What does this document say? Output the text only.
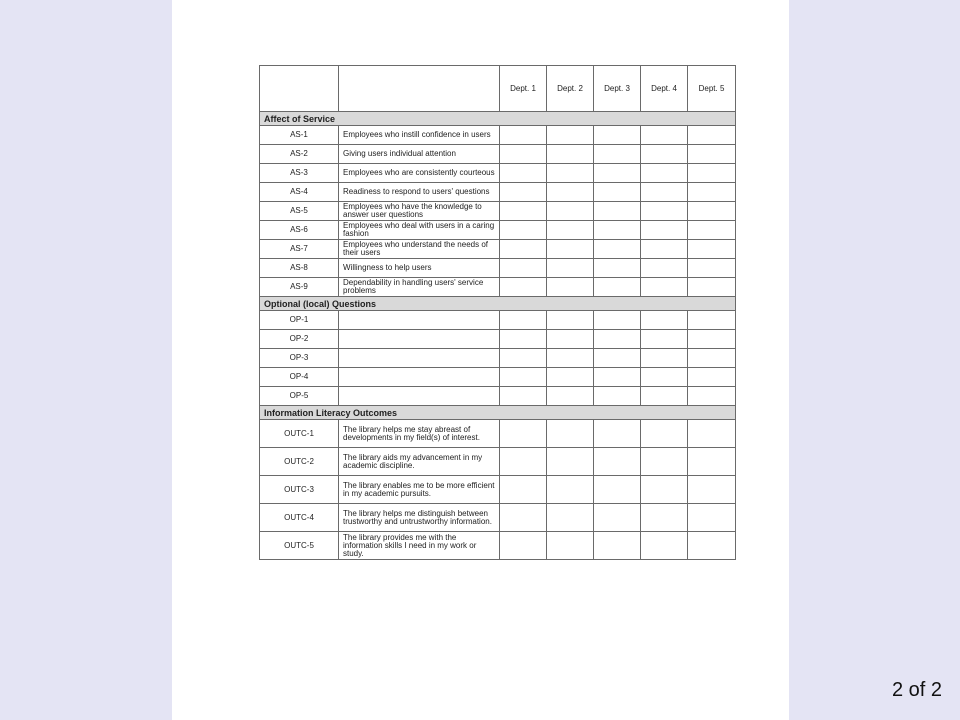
		Dept. 1	Dept. 2	Dept. 3	Dept. 4	Dept. 5
Affect of Service						
AS-1	Employees who instill confidence in users					
AS-2	Giving users individual attention					
AS-3	Employees who are consistently courteous					
AS-4	Readiness to respond to users' questions					
AS-5	Employees who have the knowledge to answer user questions					
AS-6	Employees who deal with users in a caring fashion					
AS-7	Employees who understand the needs of their users					
AS-8	Willingness to help users					
AS-9	Dependability in handling users' service problems					
Optional (local) Questions						
OP-1						
OP-2						
OP-3						
OP-4						
OP-5						
Information Literacy Outcomes						
OUTC-1	The library helps me stay abreast of developments in my field(s) of interest.					
OUTC-2	The library aids my advancement in my academic discipline.					
OUTC-3	The library enables me to be more efficient in my academic pursuits.					
OUTC-4	The library helps me distinguish between trustworthy and untrustworthy information.					
OUTC-5	The library provides me with the information skills I need in my work or study.					
2 of 2
